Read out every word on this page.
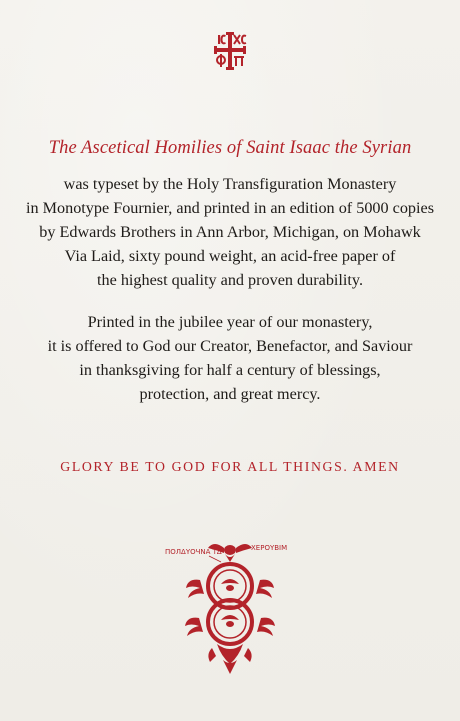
The Ascetical Homilies of Saint Isaac the Syrian
was typeset by the Holy Transfiguration Monastery
in Monotype Fournier, and printed in an edition of 5000 copies
by Edwards Brothers in Ann Arbor, Michigan, on Mohawk
Via Laid, sixty pound weight, an acid-free paper of
the highest quality and proven durability.
Printed in the jubilee year of our monastery,
it is offered to God our Creator, Benefactor, and Saviour
in thanksgiving for half a century of blessings,
protection, and great mercy.
GLORY BE TO GOD FOR ALL THINGS. AMEN
ПОЛΔΥΟЧΝΑ ТΔ	ХЕРΟΥΒІМ
